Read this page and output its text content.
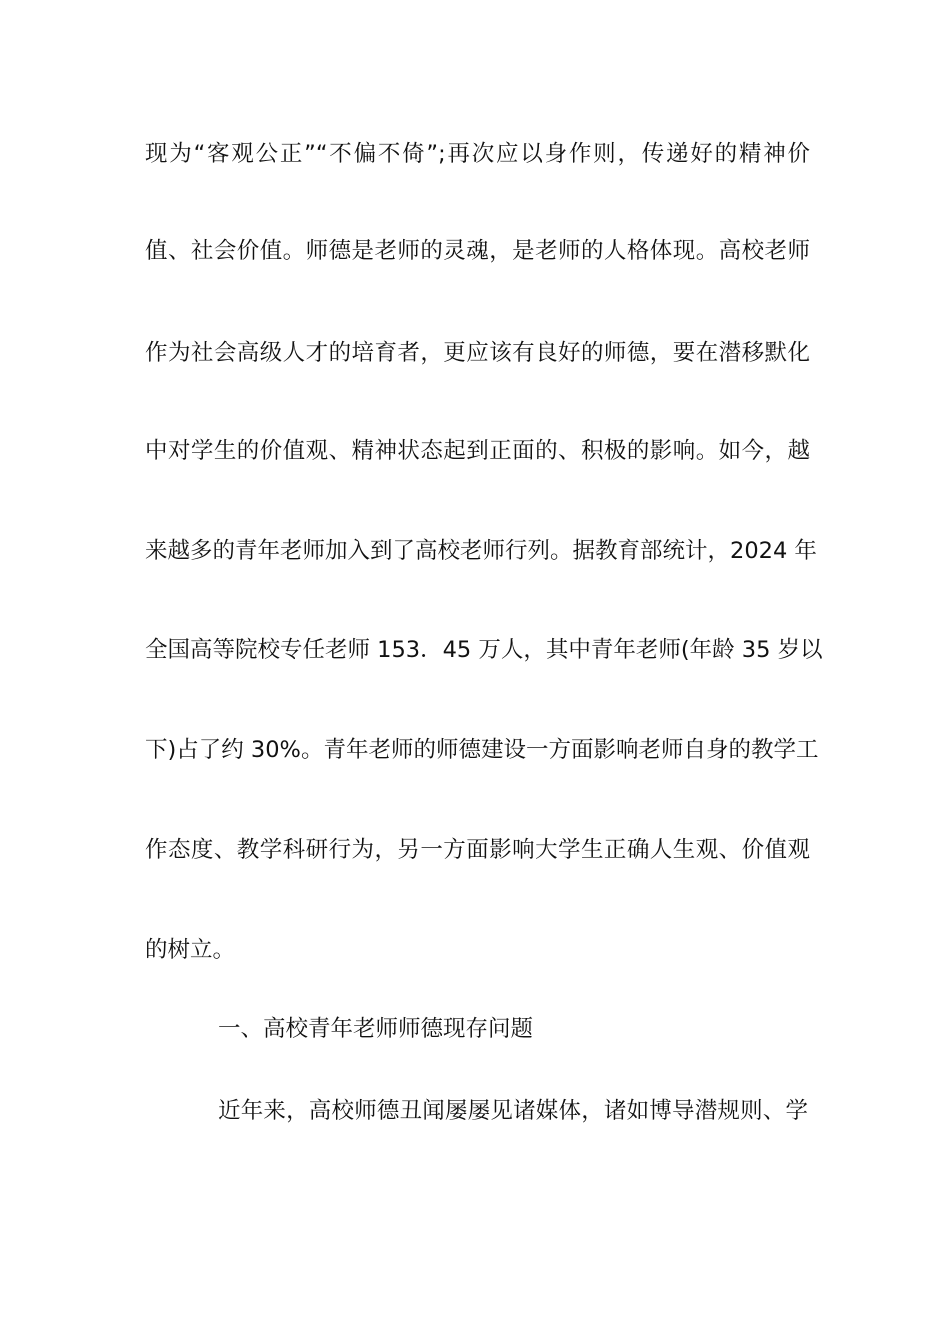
现为“客观公正”“不偏不倚”;再次应以身作则，传递好的精神价
值、社会价值。师德是老师的灵魂，是老师的人格体现。高校老师
作为社会高级人才的培育者，更应该有良好的师德，要在潜移默化
中对学生的价值观、精神状态起到正面的、积极的影响。如今，越
来越多的青年老师加入到了高校老师行列。据教育部统计，2024 年
全国高等院校专任老师 153．45 万人，其中青年老师(年龄 35 岁以
下)占了约 30%。青年老师的师德建设一方面影响老师自身的教学工
作态度、教学科研行为，另一方面影响大学生正确人生观、价值观
的树立。
一、高校青年老师师德现存问题
近年来，高校师德丑闻屡屡见诸媒体，诸如博导潜规则、学
